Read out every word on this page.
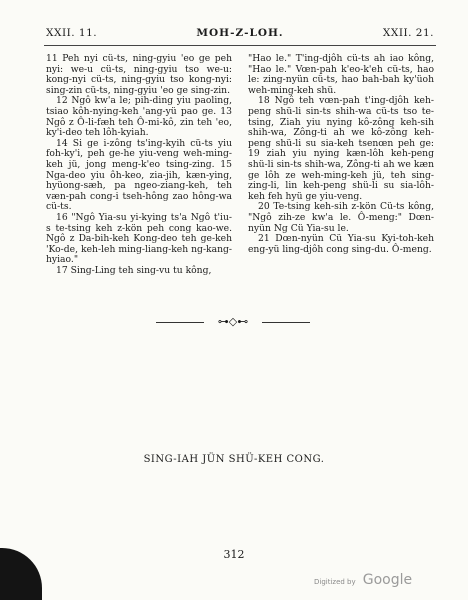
XXII. 11.	MOH-Z-LOH.	XXII. 21.

11 Peh nyi cü-ts, ning-gyiu 'eo ge peh nyi: we-u cü-ts, ning-gyiu tso we-u: kong-nyi cü-ts, ning-gyiu tso kong-nyi: sing-zin cü-ts, ning-gyiu 'eo ge sing-zin.

12 Ngô kw'a le; pih-ding yiu paoling, tsiao kôh-nying-keh 'ang-yü pao ge. 13 Ngô z Ô-li-fæh teh Ô-mi-kô, zin teh 'eo, ky'i-deo teh lôh-kyiah.

14 Si ge i-zông ts'ing-kyih cü-ts yiu foh-ky'i, peh ge-he yiu-veng weh-ming-keh jü, jong meng-k'eo tsing-zing. 15 Nga-deo yiu ôh-keo, zia-jih, kæn-ying, hyüong-sæh, pa ngeo-ziang-keh, teh væn-pah cong-i tseh-hông zao hông-wa cü-ts.

16 "Ngô Yia-su yi-kying ts'a Ngô t'iu-s te-tsing keh z-kön peh cong kao-we. Ngô z Da-bih-keh Kong-deo teh ge-keh 'Ko-de, keh-leh ming-liang-keh ng-kang-hyiao."

17 Sing-Ling teh sing-vu tu kông,

"Hao le." T'ing-djôh cü-ts ah iao kông, "Hao le." Vœn-pah k'eo-k'eh cü-ts, hao le: zing-nyün cü-ts, hao bah-bah ky'üoh weh-ming-keh shü.

18 Ngô teh vœn-pah t'ing-djôh keh-peng shü-li sin-ts shih-wa cü-ts tso te-tsing, Ziah yiu nying kô-zông keh-sih shih-wa, Zông-ti ah we kô-zông keh-peng shü-li su sia-keh tsenœn peh ge: 19 ziah yiu nying kæn-lôh keh-peng shü-li sin-ts shih-wa, Zông-ti ah we kæn ge lôh ze weh-ming-keh jü, teh sing-zing-li, lin keh-peng shü-li su sia-lôh-keh feh hyü ge yiu-veng.

20 Te-tsing keh-sih z-kön Cü-ts kông, "Ngô zih-ze kw'a le. Ô-meng:" Dœn-nyün Ng Cü Yia-su le.

21 Dœn-nyün Cü Yia-su Kyi-toh-keh eng-yü ling-djôh cong sing-du. Ô-meng.

⊶◇⊷
SING-IAH JÜN SHÜ-KEH CONG.
312
Digitized by Google
